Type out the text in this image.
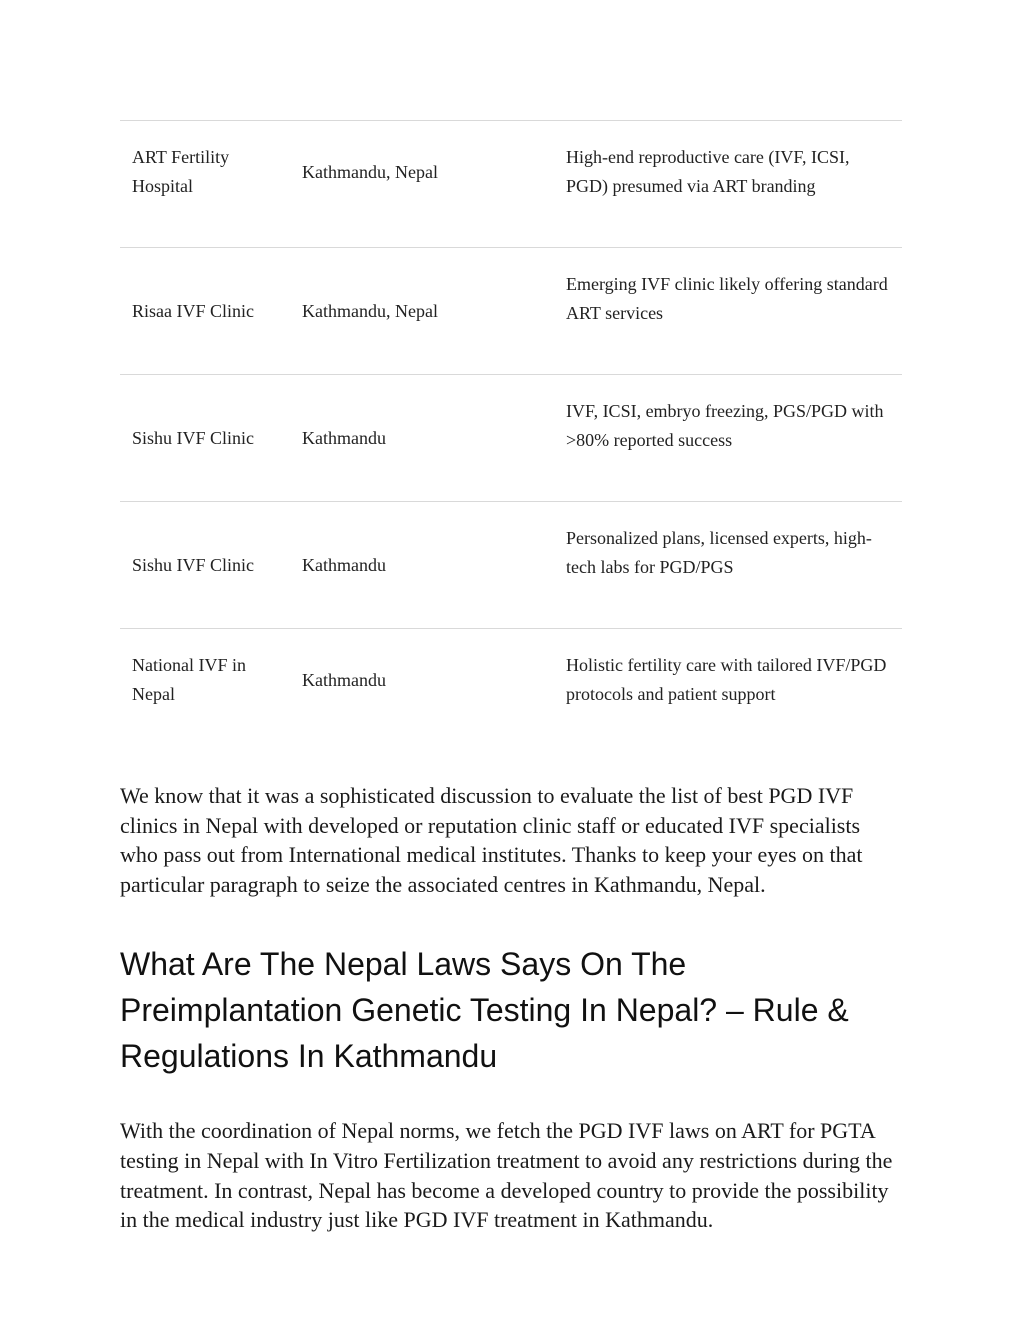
ART Fertility Hospital	Kathmandu, Nepal	High-end reproductive care (IVF, ICSI, PGD) presumed via ART branding
Risaa IVF Clinic	Kathmandu, Nepal	Emerging IVF clinic likely offering standard ART services
Sishu IVF Clinic	Kathmandu	IVF, ICSI, embryo freezing, PGS/PGD with >80% reported success
Sishu IVF Clinic	Kathmandu	Personalized plans, licensed experts, high-tech labs for PGD/PGS
National IVF in Nepal	Kathmandu	Holistic fertility care with tailored IVF/PGD protocols and patient support

We know that it was a sophisticated discussion to evaluate the list of best PGD IVF clinics in Nepal with developed or reputation clinic staff or educated IVF specialists who pass out from International medical institutes. Thanks to keep your eyes on that particular paragraph to seize the associated centres in Kathmandu, Nepal.

What Are The Nepal Laws Says On The Preimplantation Genetic Testing In Nepal? – Rule & Regulations In Kathmandu

With the coordination of Nepal norms, we fetch the PGD IVF laws on ART for PGTA testing in Nepal with In Vitro Fertilization treatment to avoid any restrictions during the treatment. In contrast, Nepal has become a developed country to provide the possibility in the medical industry just like PGD IVF treatment in Kathmandu.
